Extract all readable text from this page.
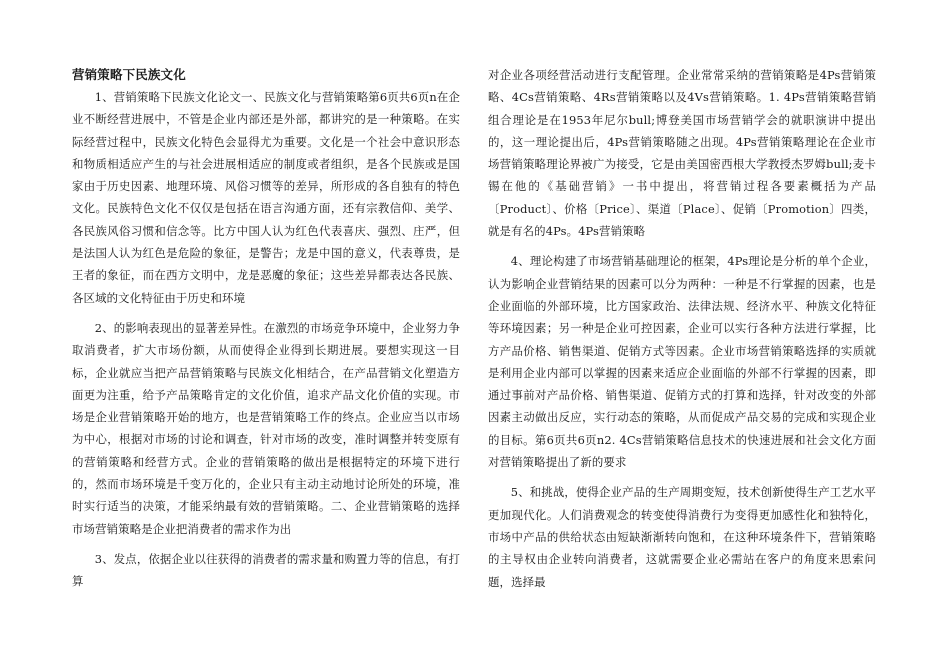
营销策略下民族文化

1、营销策略下民族文化论文一、民族文化与营销策略第6页共6页n在企业不断经营进展中，不管是企业内部还是外部，都讲究的是一种策略。在实际经营过程中，民族文化特色会显得尤为重要。文化是一个社会中意识形态和物质相适应产生的与社会进展相适应的制度或者组织，是各个民族或是国家由于历史因素、地理环境、风俗习惯等的差异，所形成的各自独有的特色文化。民族特色文化不仅仅是包括在语言沟通方面，还有宗教信仰、美学、各民族风俗习惯和信念等。比方中国人认为红色代表喜庆、强烈、庄严，但是法国人认为红色是危险的象征，是警告；龙是中国的意义，代表尊贵，是王者的象征，而在西方文明中，龙是恶魔的象征；这些差异都表达各民族、各区域的文化特征由于历史和环境

2、的影响表现出的显著差异性。在激烈的市场竞争环境中，企业努力争取消费者，扩大市场份额，从而使得企业得到长期进展。要想实现这一目标，企业就应当把产品营销策略与民族文化相结合，在产品营销文化塑造方面更为注重，给予产品策略肯定的文化价值，追求产品文化价值的实现。市场是企业营销策略开始的地方，也是营销策略工作的终点。企业应当以市场为中心，根据对市场的讨论和调查，针对市场的改变，准时调整并转变原有的营销策略和经营方式。企业的营销策略的做出是根据特定的环境下进行的，然而市场环境是千变万化的，企业只有主动主动地讨论所处的环境，准时实行适当的决策，才能采纳最有效的营销策略。二、企业营销策略的选择市场营销策略是企业把消费者的需求作为出

3、发点，依据企业以往获得的消费者的需求量和购置力等的信息，有打算

对企业各项经营活动进行支配管理。企业常常采纳的营销策略是4Ps营销策略、4Cs营销策略、4Rs营销策略以及4Vs营销策略。1. 4Ps营销策略营销组合理论是在1953年尼尔bull;博登美国市场营销学会的就职演讲中提出的，这一理论提出后，4Ps营销策略随之出现。4Ps营销策略理论在企业市场营销策略理论界被广为接受，它是由美国密西根大学教授杰罗姆bull;麦卡锡在他的《基础营销》一书中提出，将营销过程各要素概括为产品〔Product〕、价格〔Price〕、渠道〔Place〕、促销〔Promotion〕四类，就是有名的4Ps。4Ps营销策略

4、理论构建了市场营销基础理论的框架，4Ps理论是分析的单个企业，认为影响企业营销结果的因素可以分为两种：一种是不行掌握的因素，也是企业面临的外部环境，比方国家政治、法律法规、经济水平、种族文化特征等环境因素；另一种是企业可控因素，企业可以实行各种方法进行掌握，比方产品价格、销售渠道、促销方式等因素。企业市场营销策略选择的实质就是利用企业内部可以掌握的因素来适应企业面临的外部不行掌握的因素，即通过事前对产品价格、销售渠道、促销方式的打算和选择，针对改变的外部因素主动做出反应，实行动态的策略，从而促成产品交易的完成和实现企业的目标。第6页共6页n2. 4Cs营销策略信息技术的快速进展和社会文化方面对营销策略提出了新的要求

5、和挑战，使得企业产品的生产周期变短，技术创新使得生产工艺水平更加现代化。人们消费观念的转变使得消费行为变得更加感性化和独特化，市场中产品的供给状态由短缺渐渐转向饱和，在这种环境条件下，营销策略的主导权由企业转向消费者，这就需要企业必需站在客户的角度来思索问题，选择最
